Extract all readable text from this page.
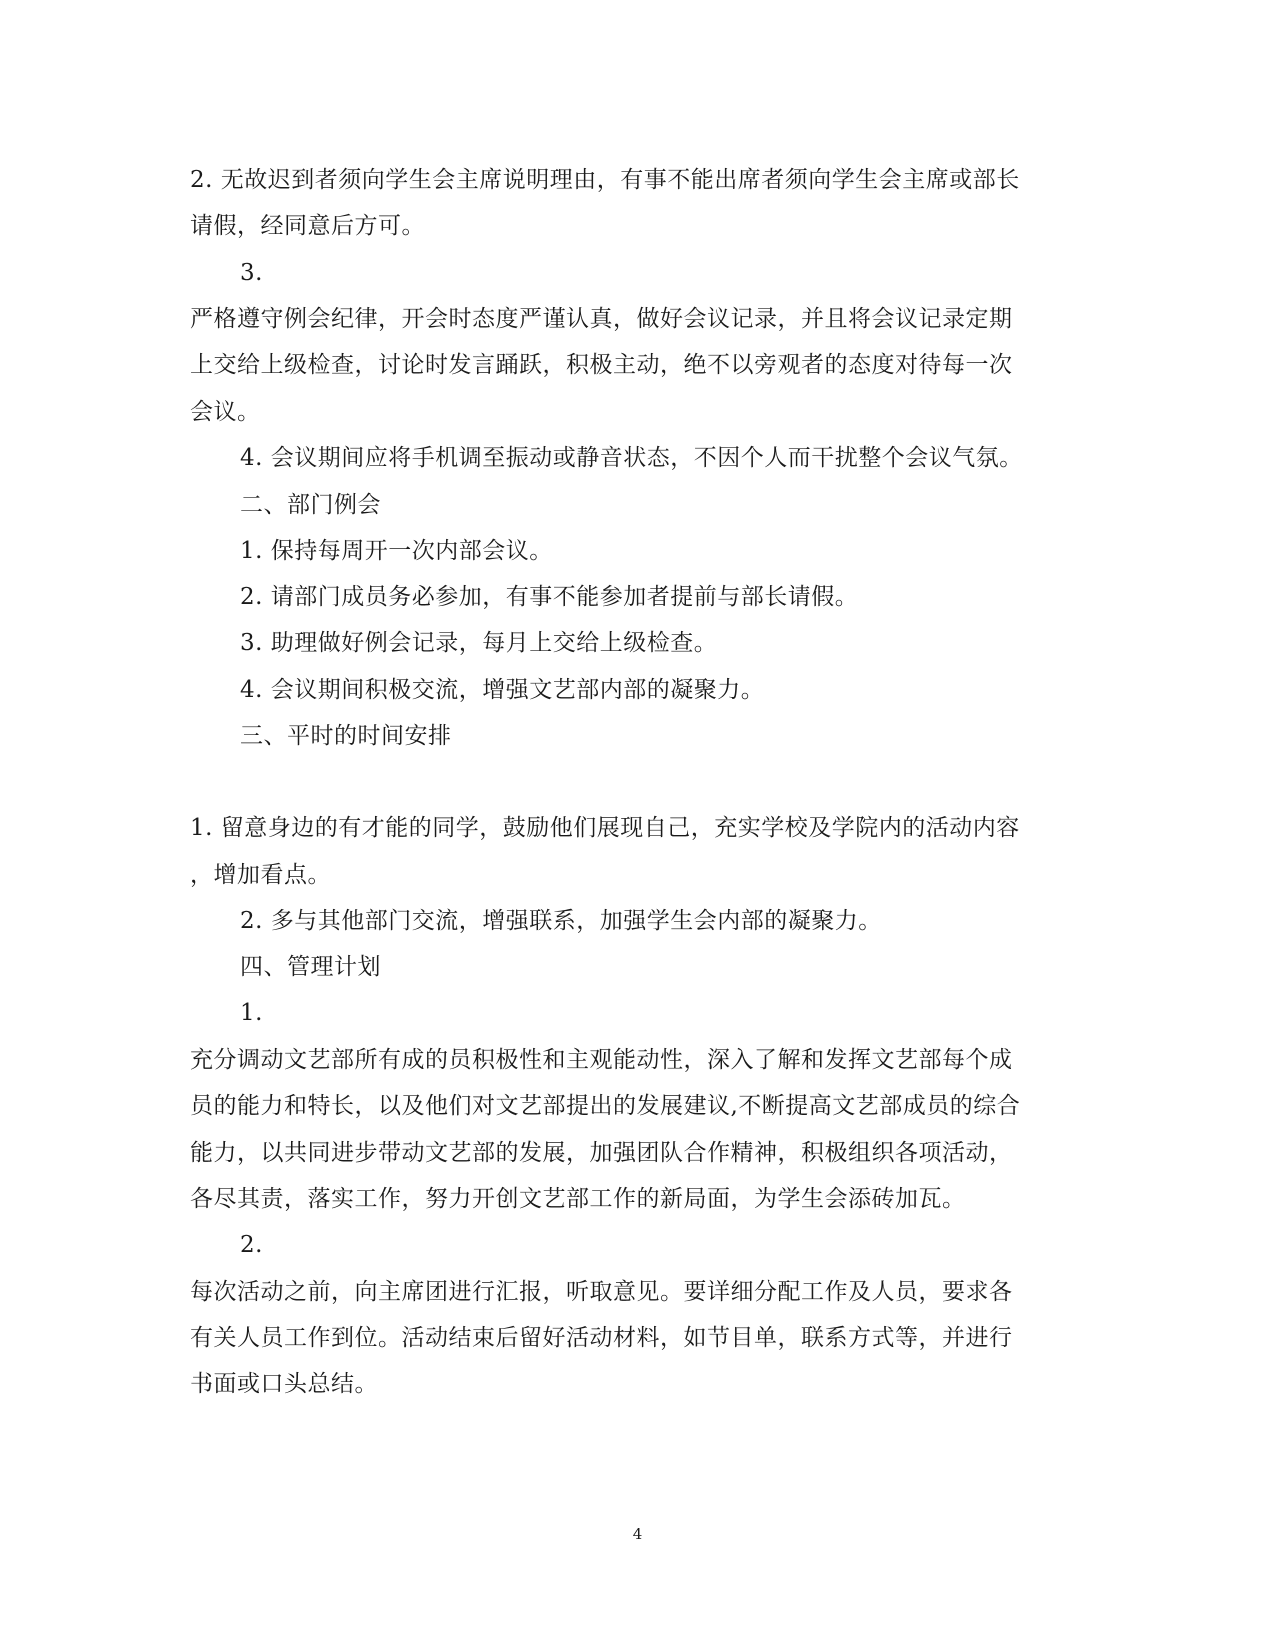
2. 无故迟到者须向学生会主席说明理由，有事不能出席者须向学生会主席或部长
请假，经同意后方可。
3.
严格遵守例会纪律，开会时态度严谨认真，做好会议记录，并且将会议记录定期
上交给上级检查，讨论时发言踊跃，积极主动，绝不以旁观者的态度对待每一次
会议。
4. 会议期间应将手机调至振动或静音状态，不因个人而干扰整个会议气氛。
二、部门例会
1. 保持每周开一次内部会议。
2. 请部门成员务必参加，有事不能参加者提前与部长请假。
3. 助理做好例会记录，每月上交给上级检查。
4. 会议期间积极交流，增强文艺部内部的凝聚力。
三、平时的时间安排
1. 留意身边的有才能的同学，鼓励他们展现自己，充实学校及学院内的活动内容
，增加看点。
2. 多与其他部门交流，增强联系，加强学生会内部的凝聚力。
四、管理计划
1.
充分调动文艺部所有成的员积极性和主观能动性，深入了解和发挥文艺部每个成
员的能力和特长，以及他们对文艺部提出的发展建议,不断提高文艺部成员的综合
能力，以共同进步带动文艺部的发展，加强团队合作精神，积极组织各项活动，
各尽其责，落实工作，努力开创文艺部工作的新局面，为学生会添砖加瓦。
2.
每次活动之前，向主席团进行汇报，听取意见。要详细分配工作及人员，要求各
有关人员工作到位。活动结束后留好活动材料，如节目单，联系方式等，并进行
书面或口头总结。
4
